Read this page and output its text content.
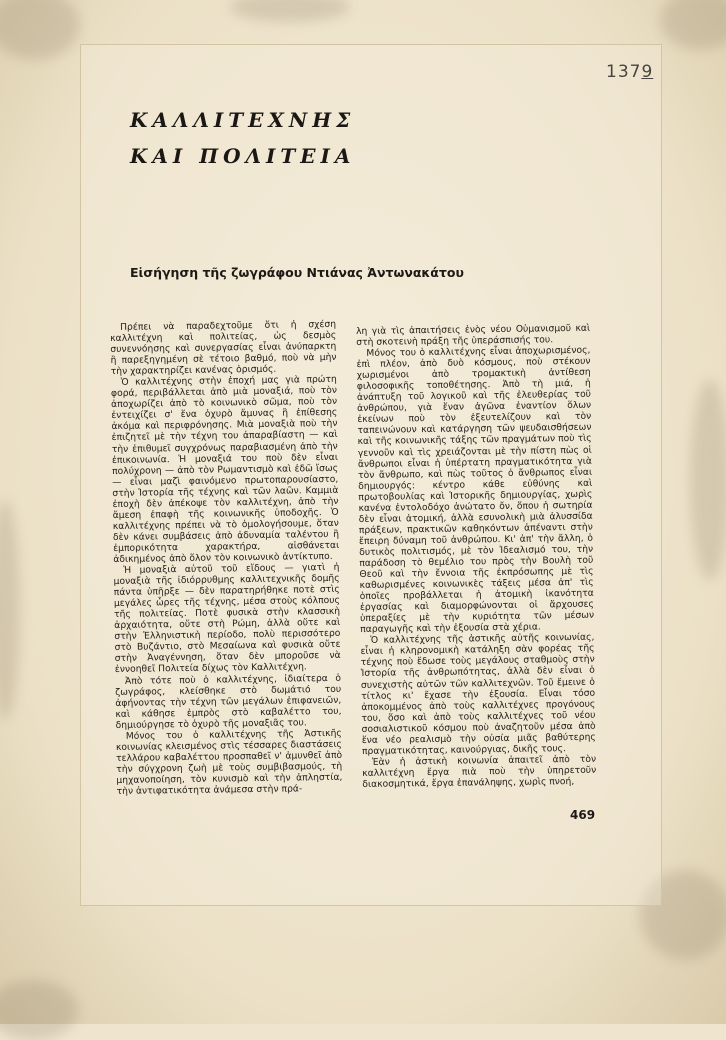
1379
ΚΑΛΛΙΤΕΧΝΗΣ
ΚΑΙ ΠΟΛΙΤΕΙΑ
Εἰσήγηση τῆς ζωγράφου Ντιάνας Ἀντωνακάτου

Πρέπει νὰ παραδεχτοῦμε ὅτι ἡ σχέση καλλιτέχνη καὶ πολιτείας, ὡς δεσμὸς συνεννόησης καὶ συνεργασίας εἶναι ἀνύπαρκτη ἢ παρεξηγημένη σὲ τέτοιο βαθμό, ποὺ νὰ μὴν τὴν χαρακτηρίζει κανένας ὁρισμός.

Ὁ καλλιτέχνης στὴν ἐποχή μας γιὰ πρώτη φορά, περιβάλλεται ἀπὸ μιὰ μοναξιά, ποὺ τὸν ἀποχωρίζει ἀπὸ τὸ κοινωνικὸ σῶμα, ποὺ τὸν ἐντειχίζει σ' ἕνα ὀχυρὸ ἄμυνας ἢ ἐπίθεσης ἀκόμα καὶ περιφρόνησης. Μιὰ μοναξιὰ ποὺ τὴν ἐπιζητεῖ μὲ τὴν τέχνη του ἀπαραβίαστη — καὶ τὴν ἐπιθυμεῖ συγχρόνως παραβιασμένη ἀπὸ τὴν ἐπικοινωνία. Ἡ μοναξιά του ποὺ δὲν εἶναι πολύχρονη — ἀπὸ τὸν Ρωμαντισμὸ καὶ ἐδῶ ἴσως — εἶναι μαζὶ φαινόμενο πρωτοπαρουσίαστο, στὴν Ἱστορία τῆς τέχνης καὶ τῶν λαῶν. Καμμιὰ ἐποχὴ δὲν ἀπέκοψε τὸν καλλιτέχνη, ἀπὸ τὴν ἄμεση ἐπαφὴ τῆς κοινωνικῆς ὑποδοχῆς. Ὁ καλλιτέχνης πρέπει νὰ τὸ ὁμολογήσουμε, ὅταν δὲν κάνει συμβάσεις ἀπὸ ἀδυναμία ταλέντου ἢ ἐμπορικότητα χαρακτήρα, αἰσθάνεται ἀδικημένος ἀπὸ ὅλον τὸν κοινωνικὸ ἀντίκτυπο.

Ἡ μοναξιὰ αὐτοῦ τοῦ εἴδους — γιατὶ ἡ μοναξιὰ τῆς ἰδιόρρυθμης καλλιτεχνικῆς δομῆς πάντα ὑπῆρξε — δὲν παρατηρήθηκε ποτὲ στὶς μεγάλες ὧρες τῆς τέχνης, μέσα στοὺς κόλπους τῆς πολιτείας. Ποτὲ φυσικὰ στὴν κλασσικὴ ἀρχαιότητα, οὔτε στὴ Ρώμη, ἀλλὰ οὔτε καὶ στὴν Ἑλληνιστικὴ περίοδο, πολὺ περισσότερο στὸ Βυζάντιο, στὸ Μεσαίωνα καὶ φυσικὰ οὔτε στὴν Ἀναγέννηση, ὅταν δὲν μποροῦσε νὰ ἐννοηθεῖ Πολιτεία δίχως τὸν Καλλιτέχνη.

Ἀπὸ τότε ποὺ ὁ καλλιτέχνης, ἰδιαίτερα ὁ ζωγράφος, κλείσθηκε στὸ δωμάτιό του ἀφήνοντας τὴν τέχνη τῶν μεγάλων ἐπιφανειῶν, καὶ κάθησε ἐμπρὸς στὸ καβαλέττο του, δημιούργησε τὸ ὀχυρὸ τῆς μοναξιᾶς του.

Μόνος του ὁ καλλιτέχνης τῆς Ἀστικῆς κοινωνίας κλεισμένος στὶς τέσσαρες διαστάσεις τελλάρου καβαλέττου προσπαθεῖ ν' ἀμυνθεῖ ἀπὸ τὴν σύγχρονη ζωὴ μὲ τοὺς συμβιβασμούς, τὴ μηχανοποίηση, τὸν κυνισμὸ καὶ τὴν ἀπληστία, τὴν ἀντιφατικότητα ἀνάμεσα στὴν πρά-

λη γιὰ τὶς ἀπαιτήσεις ἑνὸς νέου Οὑμανισμοῦ καὶ στὴ σκοτεινὴ πράξη τῆς ὑπεράσπισής του.

Μόνος του ὁ καλλιτέχνης εἶναι ἀποχωρισμένος, ἐπὶ πλέον, ἀπὸ δυὸ κόσμους, ποὺ στέκουν χωρισμένοι ἀπὸ τρομακτικὴ ἀντίθεση φιλοσοφικῆς τοποθέτησης. Ἀπὸ τὴ μιά, ἡ ἀνάπτυξη τοῦ λογικοῦ καὶ τῆς ἐλευθερίας τοῦ ἀνθρώπου, γιὰ ἕναν ἀγῶνα ἐναντίον ὅλων ἐκείνων ποὺ τὸν ἐξευτελίζουν καὶ τὸν ταπεινώνουν καὶ κατάργηση τῶν ψευδαισθήσεων καὶ τῆς κοινωνικῆς τάξης τῶν πραγμάτων ποὺ τὶς γεννοῦν καὶ τὶς χρειάζονται μὲ τὴν πίστη πὼς οἱ ἄνθρωποι εἶναι ἡ ὑπέρτατη πραγματικότητα γιὰ τὸν ἄνθρωπο, καὶ πὼς τοῦτος ὁ ἄνθρωπος εἶναι δημιουργός: κέντρο κάθε εὐθύνης καὶ πρωτοβουλίας καὶ Ἱστορικῆς δημιουργίας, χωρὶς κανένα ἐντολοδόχο ἀνώτατο ὄν, ὅπου ἡ σωτηρία δὲν εἶναι ἀτομική, ἀλλὰ εσυνολικὴ μιὰ ἀλυσσίδα πράξεων, πρακτικῶν καθηκόντων ἀπέναντι στὴν ἔπειρη δύναμη τοῦ ἀνθρώπου. Κι' ἀπ' τὴν ἄλλη, ὁ δυτικὸς πολιτισμός, μὲ τὸν Ἰδεαλισμό του, τὴν παράδοση τὸ θεμέλιο του πρὸς τὴν Βουλὴ τοῦ Θεοῦ καὶ τὴν ἔννοια τῆς ἐκπρόσωπης μὲ τὶς καθωρισμένες κοινωνικὲς τάξεις μέσα ἀπ' τὶς ὁποῖες προβάλλεται ἡ ἀτομικὴ ἱκανότητα ἐργασίας καὶ διαμορφώνονται οἱ ἄρχουσες ὑπεραξίες μὲ τὴν κυριότητα τῶν μέσων παραγωγῆς καὶ τὴν ἐξουσία στὰ χέρια.

Ὁ καλλιτέχνης τῆς ἀστικῆς αὐτῆς κοινωνίας, εἶναι ἡ κληρονομικὴ κατάληξη σὰν φορέας τῆς τέχνης ποὺ ἔδωσε τοὺς μεγάλους σταθμοὺς στὴν Ἱστορία τῆς ἀνθρωπότητας, ἀλλὰ δὲν εἶναι ὁ συνεχιστὴς αὐτῶν τῶν καλλιτεχνῶν. Τοῦ ἔμεινε ὁ τίτλος κι' ἔχασε τὴν ἐξουσία. Εἶναι τόσο ἀποκομμένος ἀπὸ τοὺς καλλιτέχνες προγόνους του, ὅσο καὶ ἀπὸ τοὺς καλλιτέχνες τοῦ νέου σοσιαλιστικοῦ κόσμου ποὺ ἀναζητοῦν μέσα ἀπὸ ἕνα νέο ρεαλισμὸ τὴν οὐσία μιᾶς βαθύτερης πραγματικότητας, καινούργιας, δικῆς τους.

Ἐὰν ἡ ἀστικὴ κοινωνία ἀπαιτεῖ ἀπὸ τὸν καλλιτέχνη ἔργα πιὰ ποὺ τὴν ὑπηρετοῦν διακοσμητικά, ἔργα ἐπανάληψης, χωρὶς πνοή,

469
